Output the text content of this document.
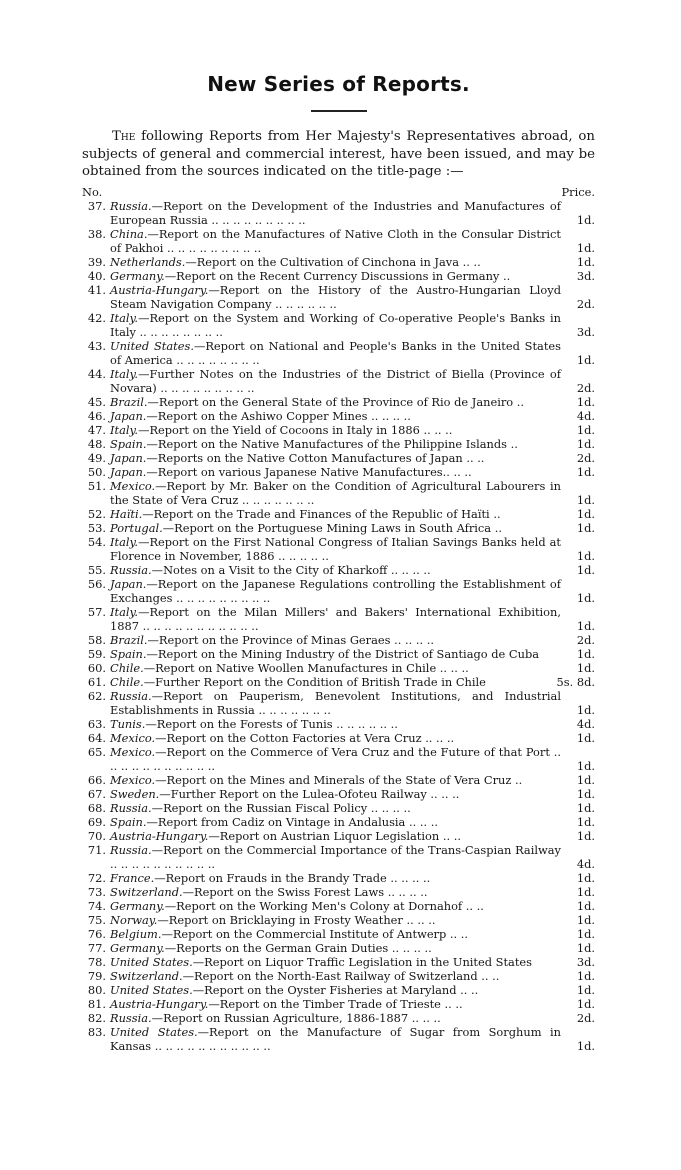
New Series of Reports.

The following Reports from Her Majesty's Representatives abroad, on subjects of general and commercial interest, have been issued, and may be obtained from the sources indicated on the title-page :—

No.	Price.
37. Russia.—Report on the Development of the Industries and Manufactures of European Russia .. .. .. .. .. .. .. .. ..	1d.
38. China.—Report on the Manufactures of Native Cloth in the Consular District of Pakhoi .. .. .. .. .. .. .. .. ..	1d.
39. Netherlands.—Report on the Cultivation of Cinchona in Java .. ..	1d.
40. Germany.—Report on the Recent Currency Discussions in Germany ..	3d.
41. Austria-Hungary.—Report on the History of the Austro-Hungarian Lloyd Steam Navigation Company .. .. .. .. .. ..	2d.
42. Italy.—Report on the System and Working of Co-operative People's Banks in Italy .. .. .. .. .. .. .. ..	3d.
43. United States.—Report on National and People's Banks in the United States of America .. .. .. .. .. .. .. ..	1d.
44. Italy.—Further Notes on the Industries of the District of Biella (Province of Novara) .. .. .. .. .. .. .. .. ..	2d.
45. Brazil.—Report on the General State of the Province of Rio de Janeiro ..	1d.
46. Japan.—Report on the Ashiwo Copper Mines .. .. .. ..	4d.
47. Italy.—Report on the Yield of Cocoons in Italy in 1886 .. .. ..	1d.
48. Spain.—Report on the Native Manufactures of the Philippine Islands ..	1d.
49. Japan.—Reports on the Native Cotton Manufactures of Japan .. ..	2d.
50. Japan.—Report on various Japanese Native Manufactures.. .. ..	1d.
51. Mexico.—Report by Mr. Baker on the Condition of Agricultural Labourers in the State of Vera Cruz .. .. .. .. .. .. ..	1d.
52. Haïti.—Report on the Trade and Finances of the Republic of Haïti ..	1d.
53. Portugal.—Report on the Portuguese Mining Laws in South Africa ..	1d.
54. Italy.—Report on the First National Congress of Italian Savings Banks held at Florence in November, 1886 .. .. .. .. ..	1d.
55. Russia.—Notes on a Visit to the City of Kharkoff .. .. .. ..	1d.
56. Japan.—Report on the Japanese Regulations controlling the Establishment of Exchanges .. .. .. .. .. .. .. .. ..	1d.
57. Italy.—Report on the Milan Millers' and Bakers' International Exhibition, 1887 .. .. .. .. .. .. .. .. .. .. ..	1d.
58. Brazil.—Report on the Province of Minas Geraes .. .. .. ..	2d.
59. Spain.—Report on the Mining Industry of the District of Santiago de Cuba	1d.
60. Chile.—Report on Native Woollen Manufactures in Chile .. .. ..	1d.
61. Chile.—Further Report on the Condition of British Trade in Chile	5s. 8d.
62. Russia.—Report on Pauperism, Benevolent Institutions, and Industrial Establishments in Russia .. .. .. .. .. .. ..	1d.
63. Tunis.—Report on the Forests of Tunis .. .. .. .. .. ..	4d.
64. Mexico.—Report on the Cotton Factories at Vera Cruz .. .. ..	1d.
65. Mexico.—Report on the Commerce of Vera Cruz and the Future of that Port .. .. .. .. .. .. .. .. .. .. ..	1d.
66. Mexico.—Report on the Mines and Minerals of the State of Vera Cruz ..	1d.
67. Sweden.—Further Report on the Lulea-Ofoteu Railway .. .. ..	1d.
68. Russia.—Report on the Russian Fiscal Policy .. .. .. ..	1d.
69. Spain.—Report from Cadiz on Vintage in Andalusia .. .. ..	1d.
70. Austria-Hungary.—Report on Austrian Liquor Legislation .. ..	1d.
71. Russia.—Report on the Commercial Importance of the Trans-Caspian Railway .. .. .. .. .. .. .. .. .. ..	4d.
72. France.—Report on Frauds in the Brandy Trade .. .. .. ..	1d.
73. Switzerland.—Report on the Swiss Forest Laws .. .. .. ..	1d.
74. Germany.—Report on the Working Men's Colony at Dornahof .. ..	1d.
75. Norway.—Report on Bricklaying in Frosty Weather .. .. ..	1d.
76. Belgium.—Report on the Commercial Institute of Antwerp .. ..	1d.
77. Germany.—Reports on the German Grain Duties .. .. .. ..	1d.
78. United States.—Report on Liquor Traffic Legislation in the United States	3d.
79. Switzerland.—Report on the North-East Railway of Switzerland .. ..	1d.
80. United States.—Report on the Oyster Fisheries at Maryland .. ..	1d.
81. Austria-Hungary.—Report on the Timber Trade of Trieste .. ..	1d.
82. Russia.—Report on Russian Agriculture, 1886-1887 .. .. ..	2d.
83. United States.—Report on the Manufacture of Sugar from Sorghum in Kansas .. .. .. .. .. .. .. .. .. .. ..	1d.
